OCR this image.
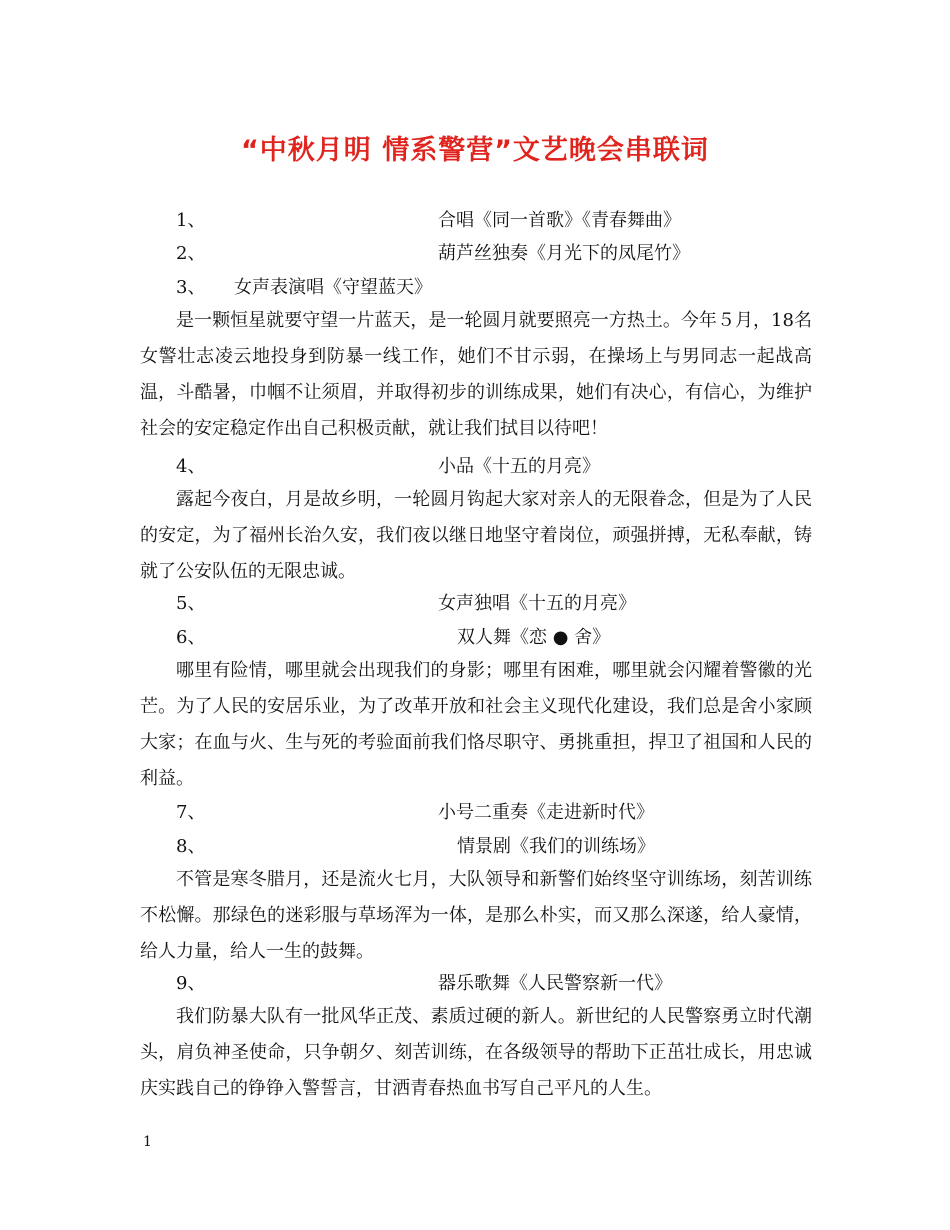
“中秋月明 情系警营”文艺晚会串联词
1、	合唱《同一首歌》《青春舞曲》
2、	葫芦丝独奏《月光下的凤尾竹》
3、 女声表演唱《守望蓝天》

是一颗恒星就要守望一片蓝天，是一轮圆月就要照亮一方热土。今年５月，18名女警壮志凌云地投身到防暴一线工作，她们不甘示弱，在操场上与男同志一起战高温，斗酷暑，巾帼不让须眉，并取得初步的训练成果，她们有决心，有信心，为维护社会的安定稳定作出自己积极贡献，就让我们拭目以待吧！

4、	小品《十五的月亮》

露起今夜白，月是故乡明，一轮圆月钩起大家对亲人的无限眷念，但是为了人民的安定，为了福州长治久安，我们夜以继日地坚守着岗位，顽强拼搏，无私奉献，铸就了公安队伍的无限忠诚。

5、	女声独唱《十五的月亮》
6、	双人舞《恋 ● 舍》

哪里有险情，哪里就会出现我们的身影；哪里有困难，哪里就会闪耀着警徽的光芒。为了人民的安居乐业，为了改革开放和社会主义现代化建设，我们总是舍小家顾大家；在血与火、生与死的考验面前我们恪尽职守、勇挑重担，捍卫了祖国和人民的利益。

7、	小号二重奏《走进新时代》
8、	情景剧《我们的训练场》

不管是寒冬腊月，还是流火七月，大队领导和新警们始终坚守训练场，刻苦训练不松懈。那绿色的迷彩服与草场浑为一体，是那么朴实，而又那么深遂，给人豪情，给人力量，给人一生的鼓舞。

9、	器乐歌舞《人民警察新一代》

我们防暴大队有一批风华正茂、素质过硬的新人。新世纪的人民警察勇立时代潮头，肩负神圣使命，只争朝夕、刻苦训练，在各级领导的帮助下正茁壮成长，用忠诚庆实践自己的铮铮入警誓言，甘洒青春热血书写自己平凡的人生。

1
